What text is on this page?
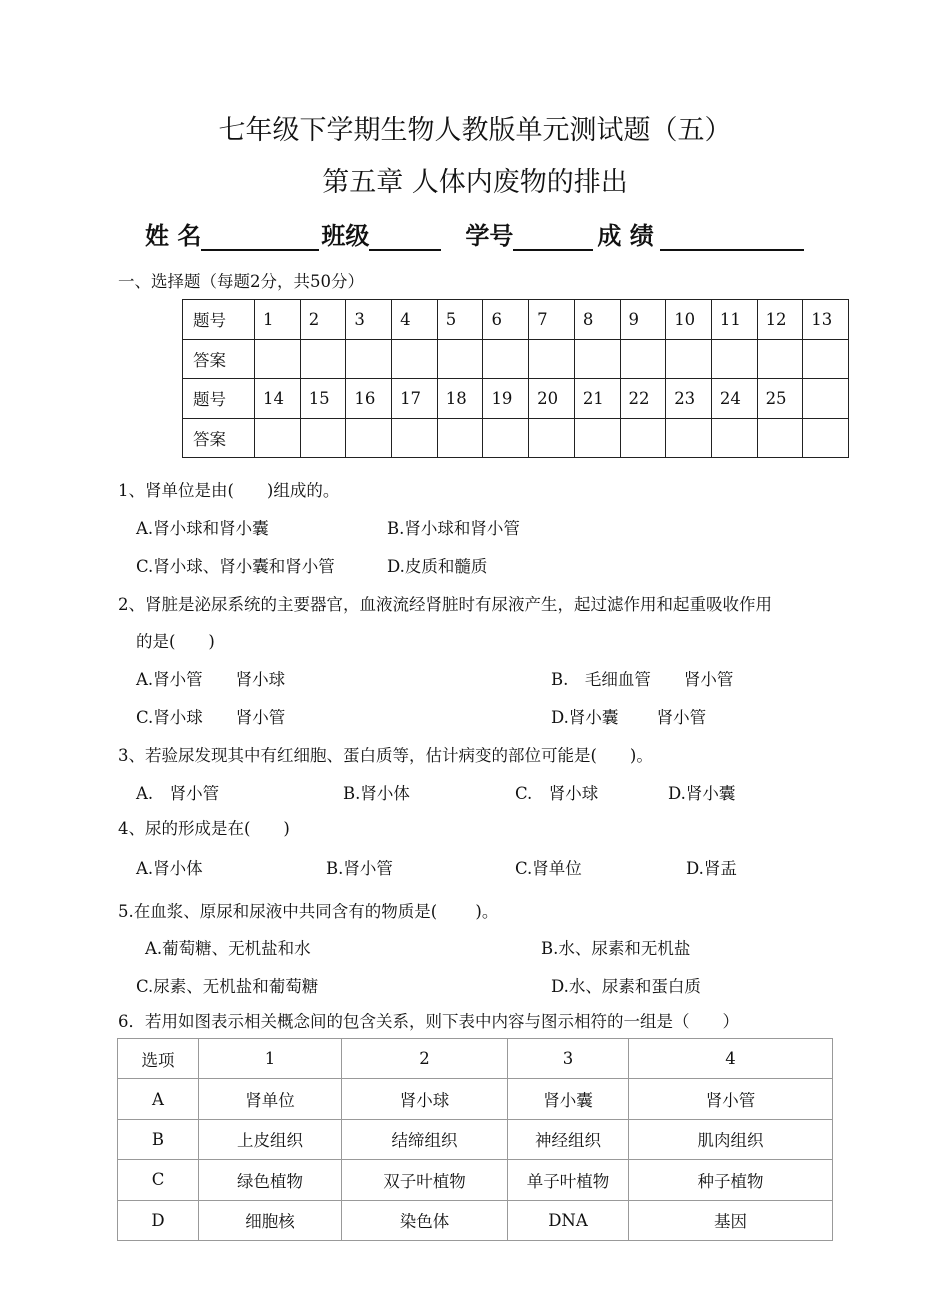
七年级下学期生物人教版单元测试题（五）
第五章 人体内废物的排出
姓 名	班级	学号	成 绩
一、选择题（每题2分，共50分）
题号	1	2	3	4	5	6	7	8	9	10	11	12	13
答案													
题号	14	15	16	17	18	19	20	21	22	23	24	25	
答案													
1、肾单位是由(　　)组成的。
A.肾小球和肾小囊	B.肾小球和肾小管
C.肾小球、肾小囊和肾小管	D.皮质和髓质
2、肾脏是泌尿系统的主要器官，血液流经肾脏时有尿液产生，起过滤作用和起重吸收作用
的是(　　)
A.肾小管　　肾小球	B.　毛细血管　　肾小管
C.肾小球　　肾小管	D.肾小囊　　 肾小管
3、若验尿发现其中有红细胞、蛋白质等，估计病变的部位可能是(　　)。
A.　肾小管	B.肾小体	C.　肾小球	D.肾小囊
4、尿的形成是在(　　)
A.肾小体	B.肾小管	C.肾单位	D.肾盂
5.在血浆、原尿和尿液中共同含有的物质是(　　 )。
A.葡萄糖、无机盐和水	B.水、尿素和无机盐
C.尿素、无机盐和葡萄糖	D.水、尿素和蛋白质
6．若用如图表示相关概念间的包含关系，则下表中内容与图示相符的一组是（　　）
选项	1	2	3	4
A	肾单位	肾小球	肾小囊	肾小管
B	上皮组织	结缔组织	神经组织	肌肉组织
C	绿色植物	双子叶植物	单子叶植物	种子植物
D	细胞核	染色体	DNA	基因
